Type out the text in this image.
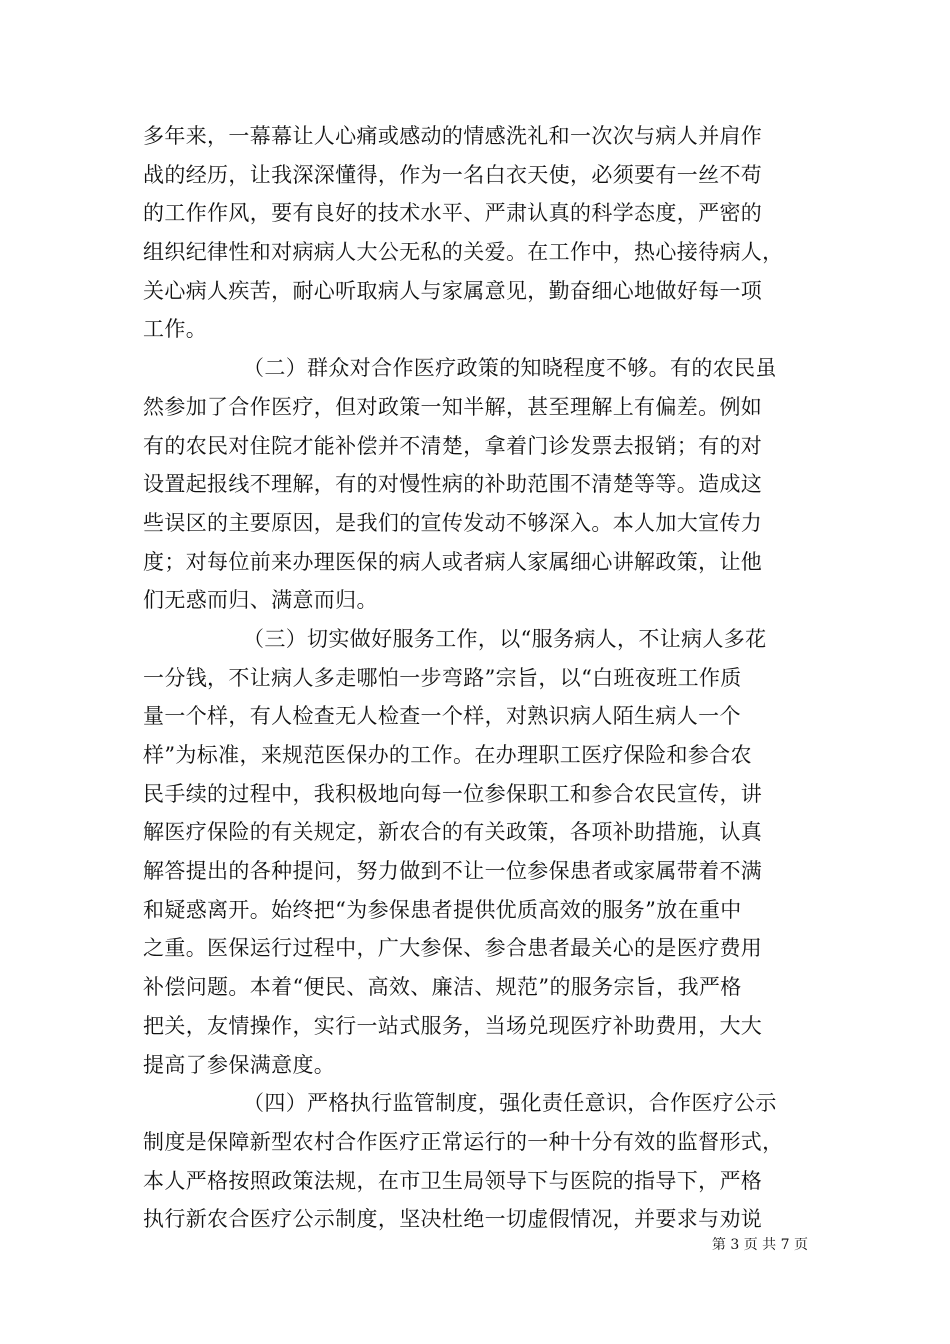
多年来，一幕幕让人心痛或感动的情感洗礼和一次次与病人并肩作
战的经历，让我深深懂得，作为一名白衣天使，必须要有一丝不苟
的工作作风，要有良好的技术水平、严肃认真的科学态度，严密的
组织纪律性和对病病人大公无私的关爱。在工作中，热心接待病人，
关心病人疾苦，耐心听取病人与家属意见，勤奋细心地做好每一项
工作。
（二）群众对合作医疗政策的知晓程度不够。有的农民虽
然参加了合作医疗，但对政策一知半解，甚至理解上有偏差。例如
有的农民对住院才能补偿并不清楚，拿着门诊发票去报销；有的对
设置起报线不理解，有的对慢性病的补助范围不清楚等等。造成这
些误区的主要原因，是我们的宣传发动不够深入。本人加大宣传力
度；对每位前来办理医保的病人或者病人家属细心讲解政策，让他
们无惑而归、满意而归。
（三）切实做好服务工作，以“服务病人，不让病人多花
一分钱，不让病人多走哪怕一步弯路”宗旨，以“白班夜班工作质
量一个样，有人检查无人检查一个样，对熟识病人陌生病人一个
样”为标准，来规范医保办的工作。在办理职工医疗保险和参合农
民手续的过程中，我积极地向每一位参保职工和参合农民宣传，讲
解医疗保险的有关规定，新农合的有关政策，各项补助措施，认真
解答提出的各种提问，努力做到不让一位参保患者或家属带着不满
和疑惑离开。始终把“为参保患者提供优质高效的服务”放在重中
之重。医保运行过程中，广大参保、参合患者最关心的是医疗费用
补偿问题。本着“便民、高效、廉洁、规范”的服务宗旨，我严格
把关，友情操作，实行一站式服务，当场兑现医疗补助费用，大大
提高了参保满意度。
（四）严格执行监管制度，强化责任意识，合作医疗公示
制度是保障新型农村合作医疗正常运行的一种十分有效的监督形式，
本人严格按照政策法规，在市卫生局领导下与医院的指导下，严格
执行新农合医疗公示制度，坚决杜绝一切虚假情况，并要求与劝说
第 3 页 共 7 页
